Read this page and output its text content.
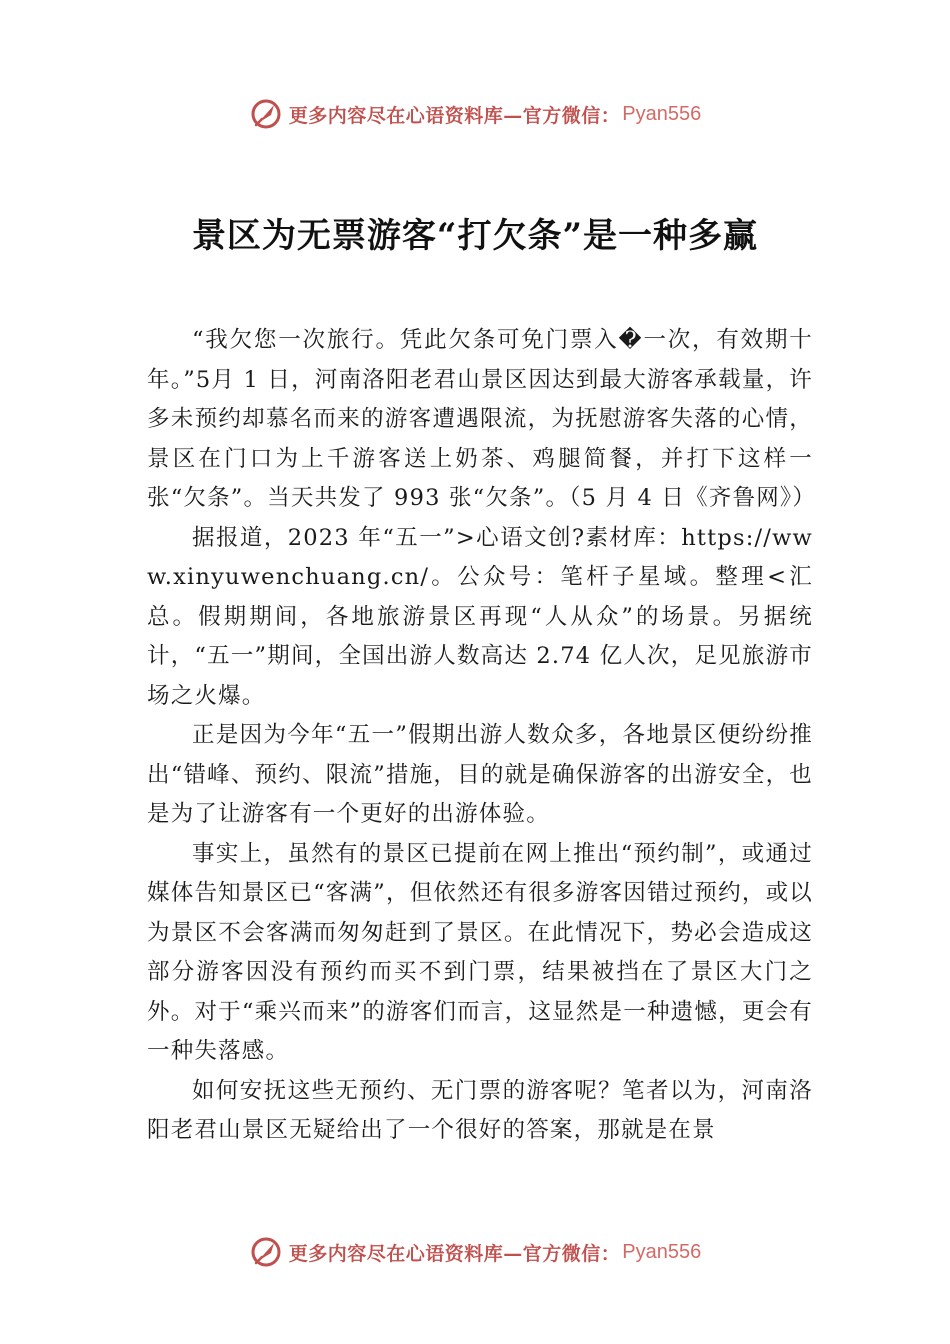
更多内容尽在心语资料库—官方微信： Pyan556
景区为无票游客“打欠条”是一种多赢

“我欠您一次旅行。凭此欠条可免门票入�一次，有效期十年。”5月 1 日，河南洛阳老君山景区因达到最大游客承载量，许多未预约却慕名而来的游客遭遇限流，为抚慰游客失落的心情，景区在门口为上千游客送上奶茶、鸡腿简餐，并打下这样一张“欠条”。当天共发了 993 张“欠条”。（5 月 4 日《齐鲁网》）

据报道，2023 年“五一”>心语文创?素材库：https://www.xinyuwenchuang.cn/。公众号：笔杆子星域。整理<汇总。假期期间，各地旅游景区再现“人从众”的场景。另据统计，“五一”期间，全国出游人数高达 2.74 亿人次，足见旅游市场之火爆。

正是因为今年“五一”假期出游人数众多，各地景区便纷纷推出“错峰、预约、限流”措施，目的就是确保游客的出游安全，也是为了让游客有一个更好的出游体验。

事实上，虽然有的景区已提前在网上推出“预约制”，或通过媒体告知景区已“客满”，但依然还有很多游客因错过预约，或以为景区不会客满而匆匆赶到了景区。在此情况下，势必会造成这部分游客因没有预约而买不到门票，结果被挡在了景区大门之外。对于“乘兴而来”的游客们而言，这显然是一种遗憾，更会有一种失落感。

如何安抚这些无预约、无门票的游客呢？笔者以为，河南洛阳老君山景区无疑给出了一个很好的答案，那就是在景

更多内容尽在心语资料库—官方微信： Pyan556
